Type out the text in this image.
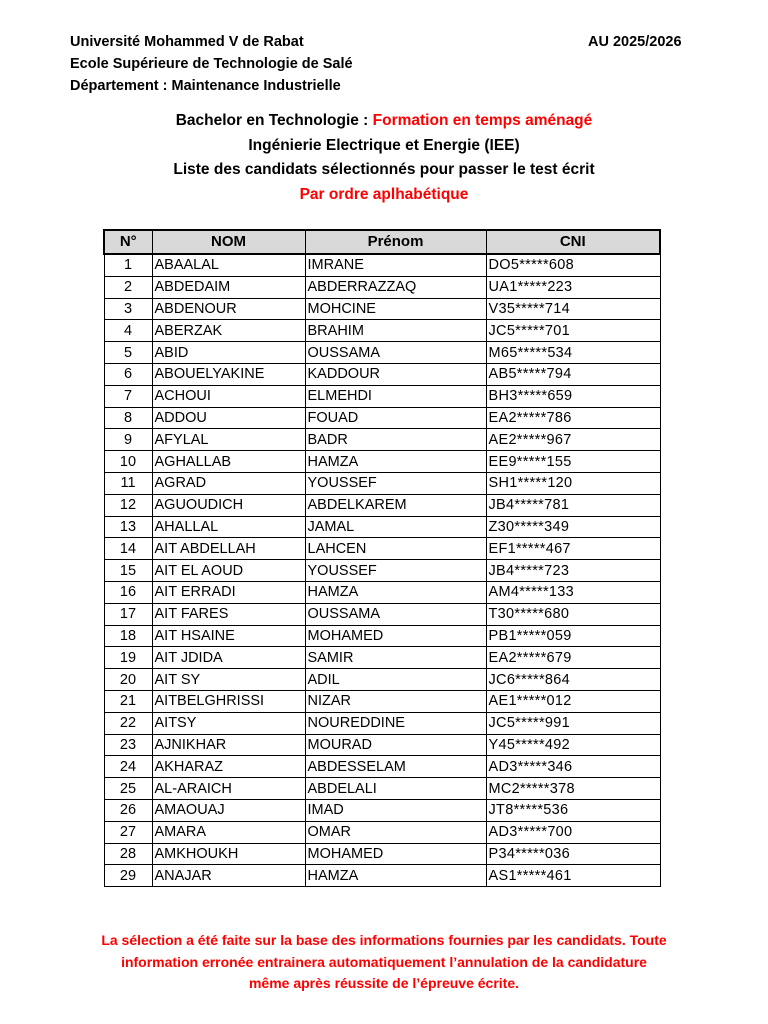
Université Mohammed V de Rabat
Ecole Supérieure de Technologie de Salé
Département : Maintenance Industrielle
AU 2025/2026
Bachelor en Technologie : Formation en temps aménagé
Ingénierie Electrique et Energie (IEE)
Liste des candidats sélectionnés pour passer le test écrit
Par ordre aplhabétique
N°	NOM	Prénom	CNI
1	ABAALAL	IMRANE	DO5*****608
2	ABDEDAIM	ABDERRAZZAQ	UA1*****223
3	ABDENOUR	MOHCINE	V35*****714
4	ABERZAK	BRAHIM	JC5*****701
5	ABID	OUSSAMA	M65*****534
6	ABOUELYAKINE	KADDOUR	AB5*****794
7	ACHOUI	ELMEHDI	BH3*****659
8	ADDOU	FOUAD	EA2*****786
9	AFYLAL	BADR	AE2*****967
10	AGHALLAB	HAMZA	EE9*****155
11	AGRAD	YOUSSEF	SH1*****120
12	AGUOUDICH	ABDELKAREM	JB4*****781
13	AHALLAL	JAMAL	Z30*****349
14	AIT ABDELLAH	LAHCEN	EF1*****467
15	AIT EL AOUD	YOUSSEF	JB4*****723
16	AIT ERRADI	HAMZA	AM4*****133
17	AIT FARES	OUSSAMA	T30*****680
18	AIT HSAINE	MOHAMED	PB1*****059
19	AIT JDIDA	SAMIR	EA2*****679
20	AIT SY	ADIL	JC6*****864
21	AITBELGHRISSI	NIZAR	AE1*****012
22	AITSY	NOUREDDINE	JC5*****991
23	AJNIKHAR	MOURAD	Y45*****492
24	AKHARAZ	ABDESSELAM	AD3*****346
25	AL-ARAICH	ABDELALI	MC2*****378
26	AMAOUAJ	IMAD	JT8*****536
27	AMARA	OMAR	AD3*****700
28	AMKHOUKH	MOHAMED	P34*****036
29	ANAJAR	HAMZA	AS1*****461
La sélection a été faite sur la base des informations fournies par les candidats. Toute
information erronée entrainera automatiquement l’annulation de la candidature
même après réussite de l’épreuve écrite.
